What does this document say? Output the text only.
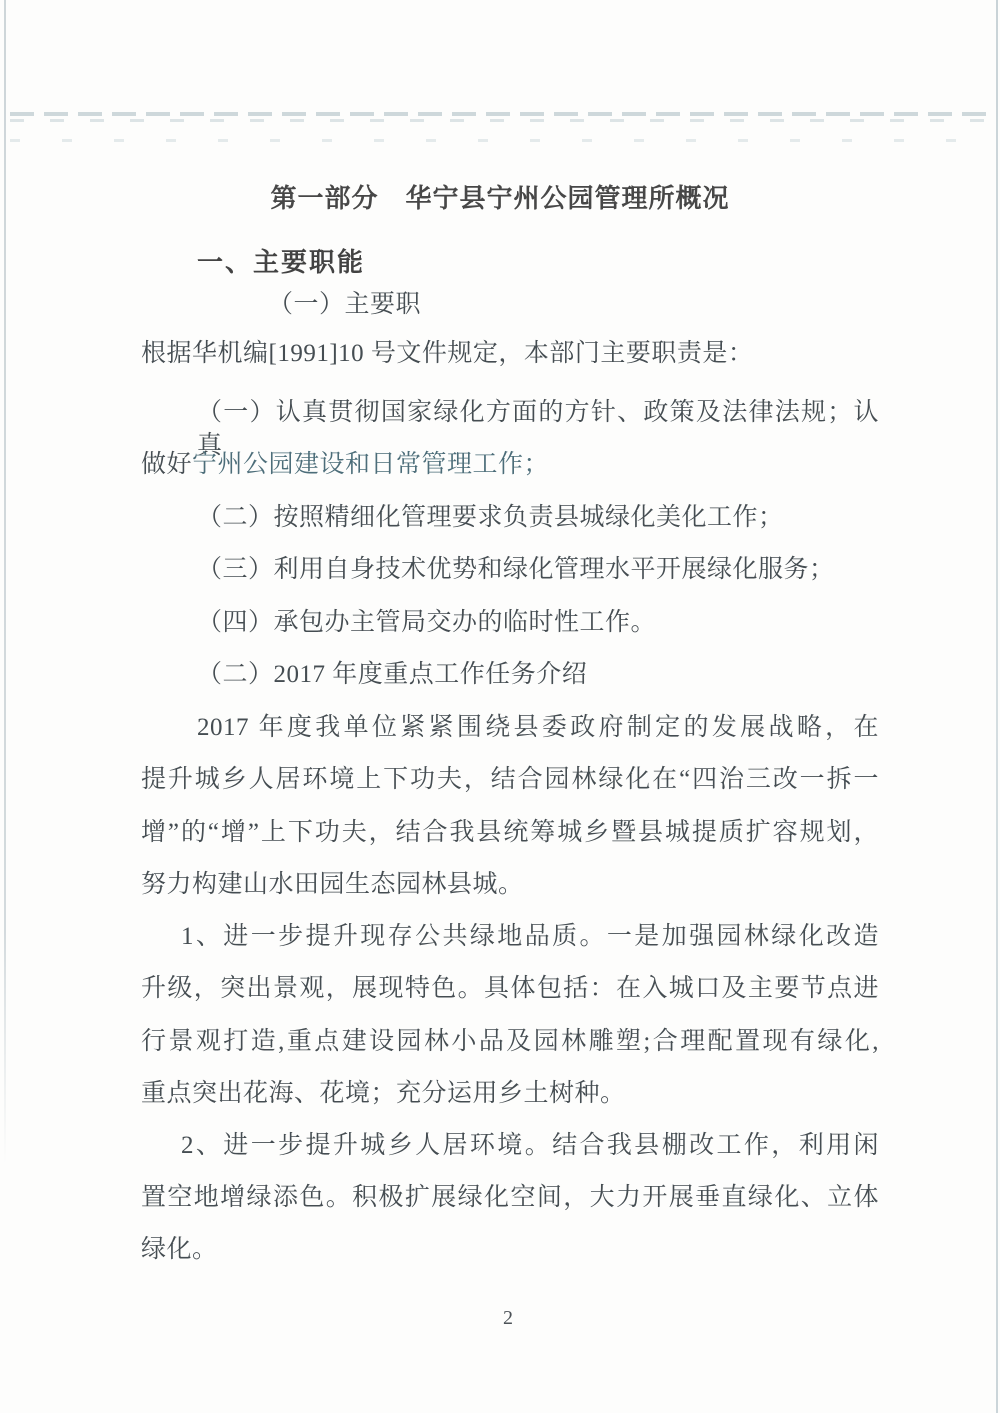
第一部分　华宁县宁州公园管理所概况
一、主要职能
（一）主要职
根据华机编[1991]10 号文件规定，本部门主要职责是：
（一）认真贯彻国家绿化方面的方针、政策及法律法规；认真
做好宁州公园建设和日常管理工作；
（二）按照精细化管理要求负责县城绿化美化工作；
（三）利用自身技术优势和绿化管理水平开展绿化服务；
（四）承包办主管局交办的临时性工作。
（二）2017 年度重点工作任务介绍
2017 年度我单位紧紧围绕县委政府制定的发展战略，在
提升城乡人居环境上下功夫，结合园林绿化在“四治三改一拆一
增”的“增”上下功夫，结合我县统筹城乡暨县城提质扩容规划，
努力构建山水田园生态园林县城。
1、进一步提升现存公共绿地品质。一是加强园林绿化改造
升级，突出景观，展现特色。具体包括：在入城口及主要节点进
行景观打造,重点建设园林小品及园林雕塑;合理配置现有绿化,
重点突出花海、花境；充分运用乡土树种。
2、进一步提升城乡人居环境。结合我县棚改工作，利用闲
置空地增绿添色。积极扩展绿化空间，大力开展垂直绿化、立体
绿化。
2
